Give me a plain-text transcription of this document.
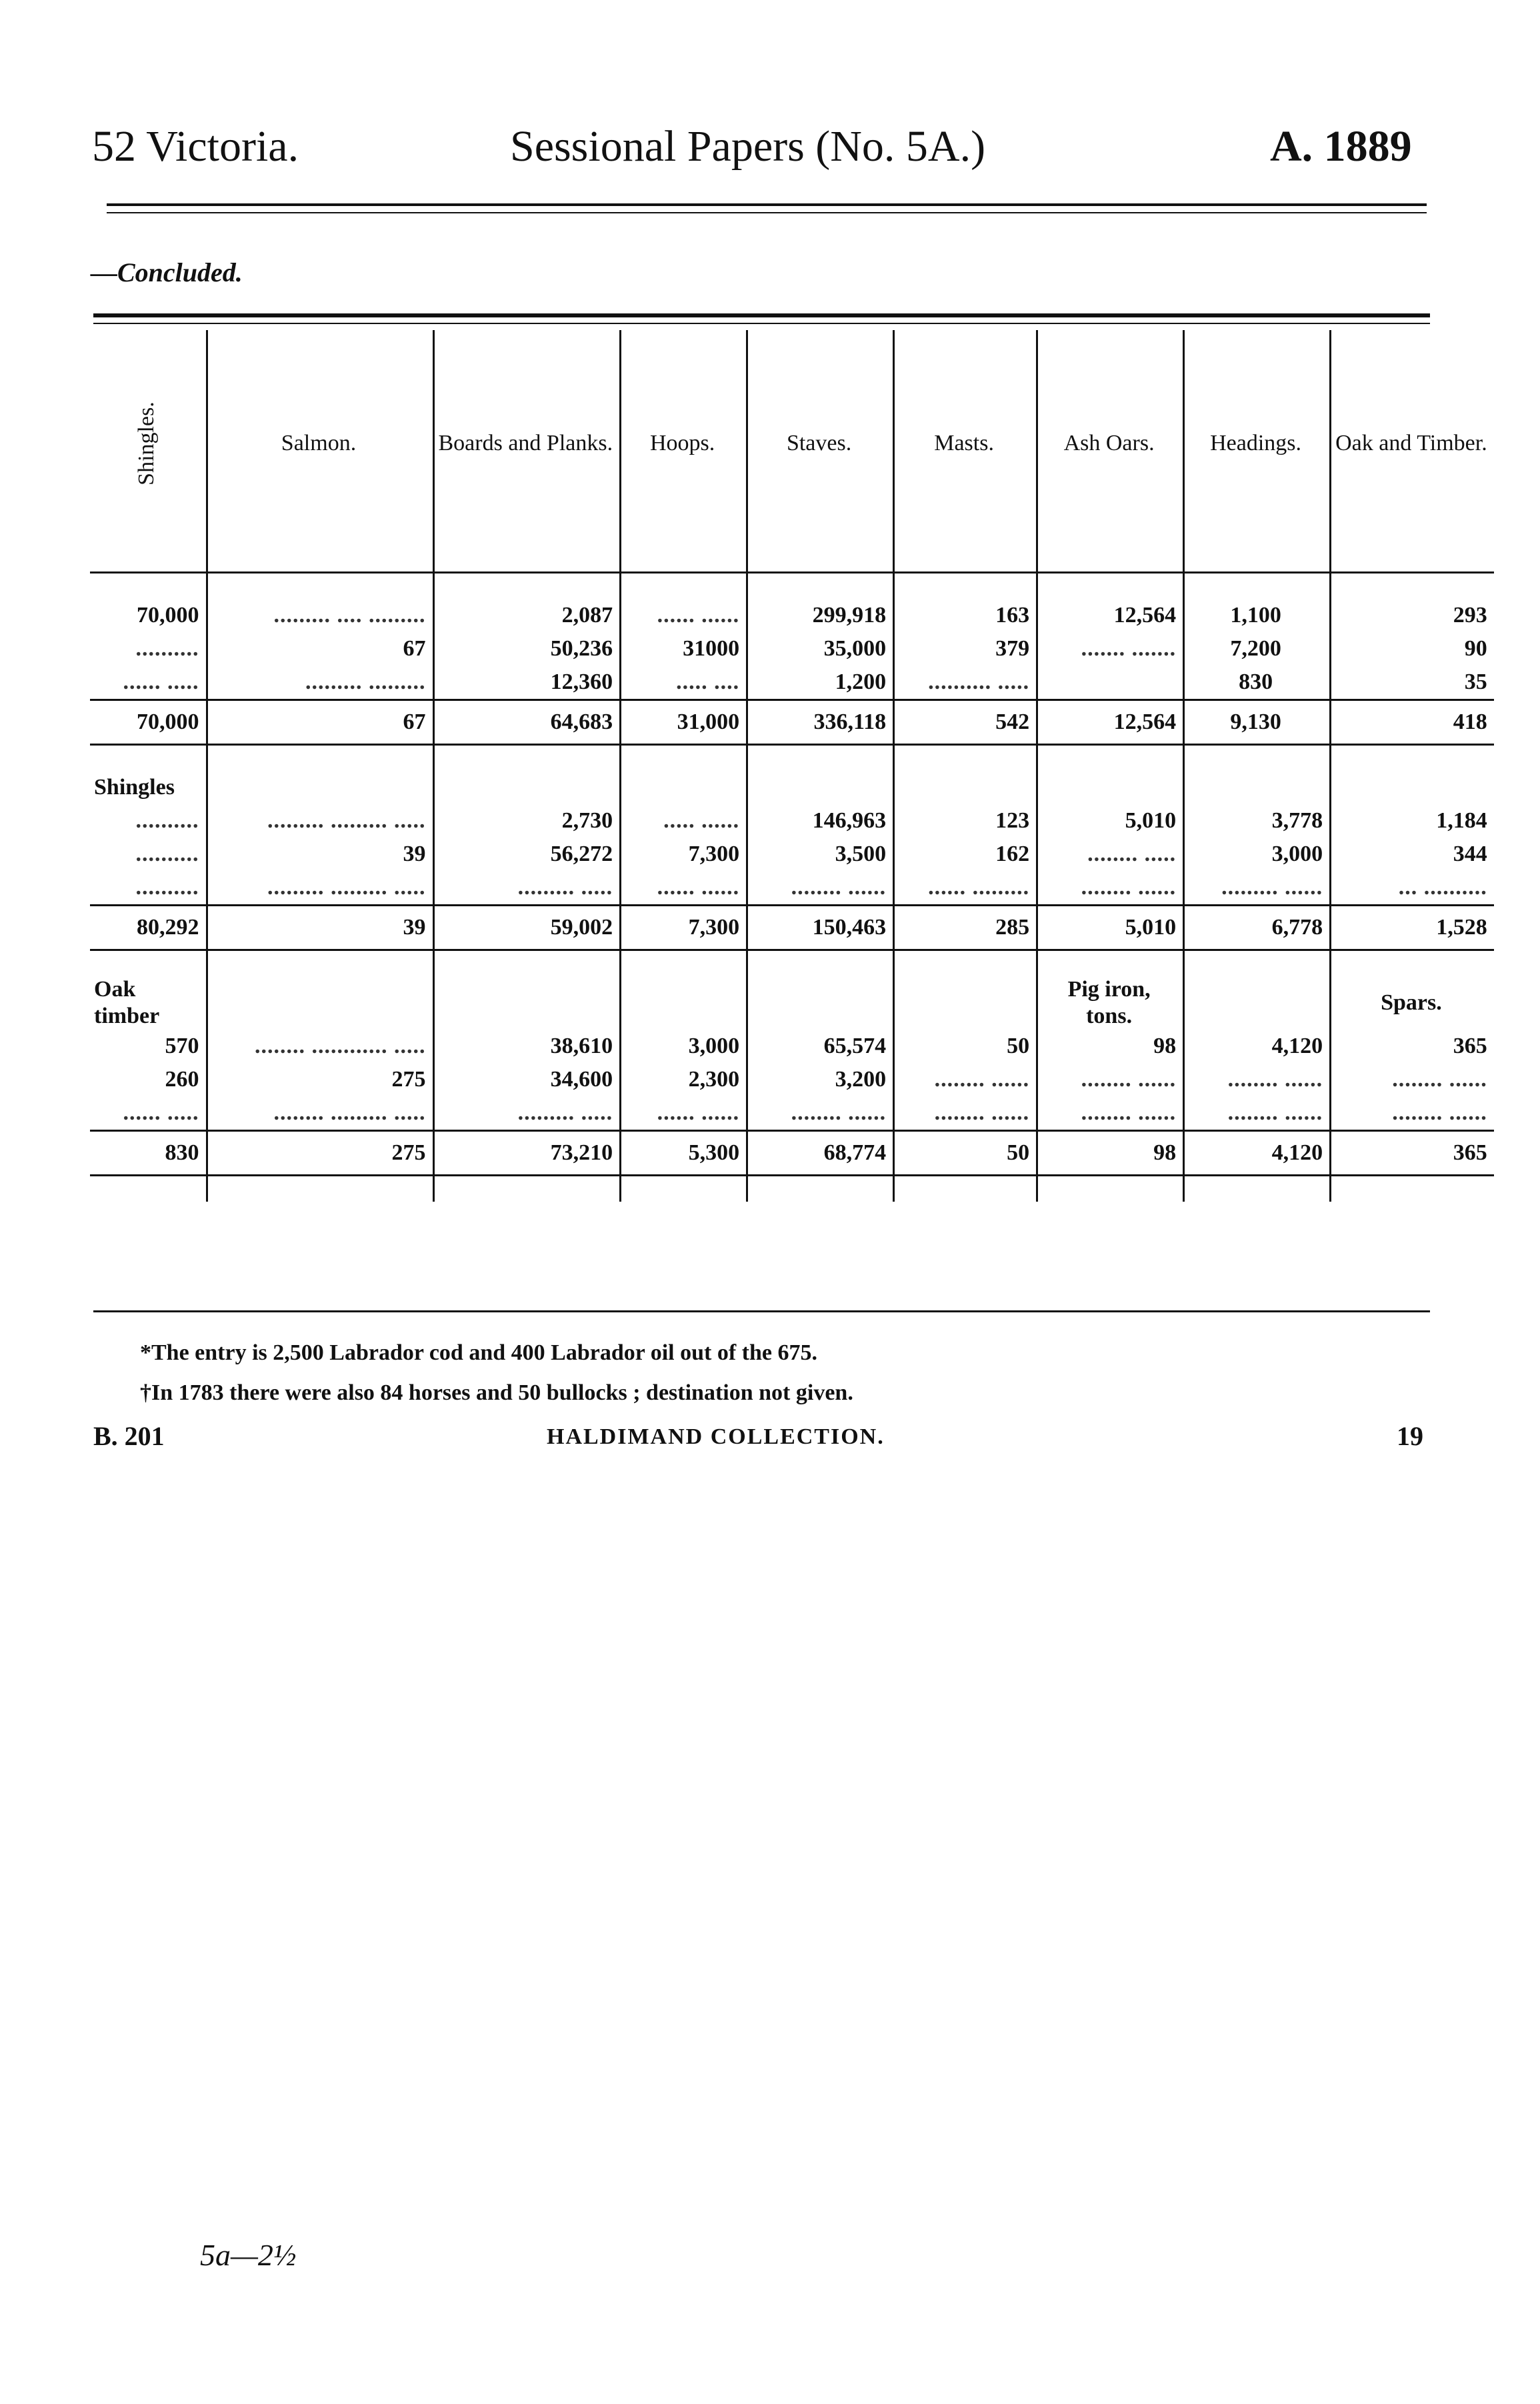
52 Victoria.	Sessional Papers (No. 5A.)	A. 1889
—Concluded.
Shingles.	Salmon.	Boards and Planks.	Hoops.	Staves.	Masts.	Ash Oars.	Headings.	Oak and Timber.

70,000	......... .... .........	2,087	...... ......	299,918	163	12,564	1,100	293
..........	67	50,236	31000	35,000	379	....... .......	7,200	90
...... .....	......... .........	12,360	..... ....	1,200	.......... .....		830	35
70,000	67	64,683	31,000	336,118	542	12,564	9,130	418

Shingles								
..........	......... ......... .....	2,730	..... ......	146,963	123	5,010	3,778	1,184
..........	39	56,272	7,300	3,500	162	........ .....	3,000	344
..........	......... ......... .....	......... .....	...... ......	........ ......	...... .........	........ ......	......... ......	... ..........
80,292	39	59,002	7,300	150,463	285	5,010	6,778	1,528

Oak timber						Pig iron, tons.		Spars.
570	........ ............ .....	38,610	3,000	65,574	50	98	4,120	365
260	275	34,600	2,300	3,200	........ ......	........ ......	........ ......	........ ......
...... .....	........ ......... .....	......... .....	...... ......	........ ......	........ ......	........ ......	........ ......	........ ......
830	275	73,210	5,300	68,774	50	98	4,120	365

*The entry is 2,500 Labrador cod and 400 Labrador oil out of the 675.
†In 1783 there were also 84 horses and 50 bullocks ; destination not given.
B. 201	HALDIMAND COLLECTION.	19
5a—2½
